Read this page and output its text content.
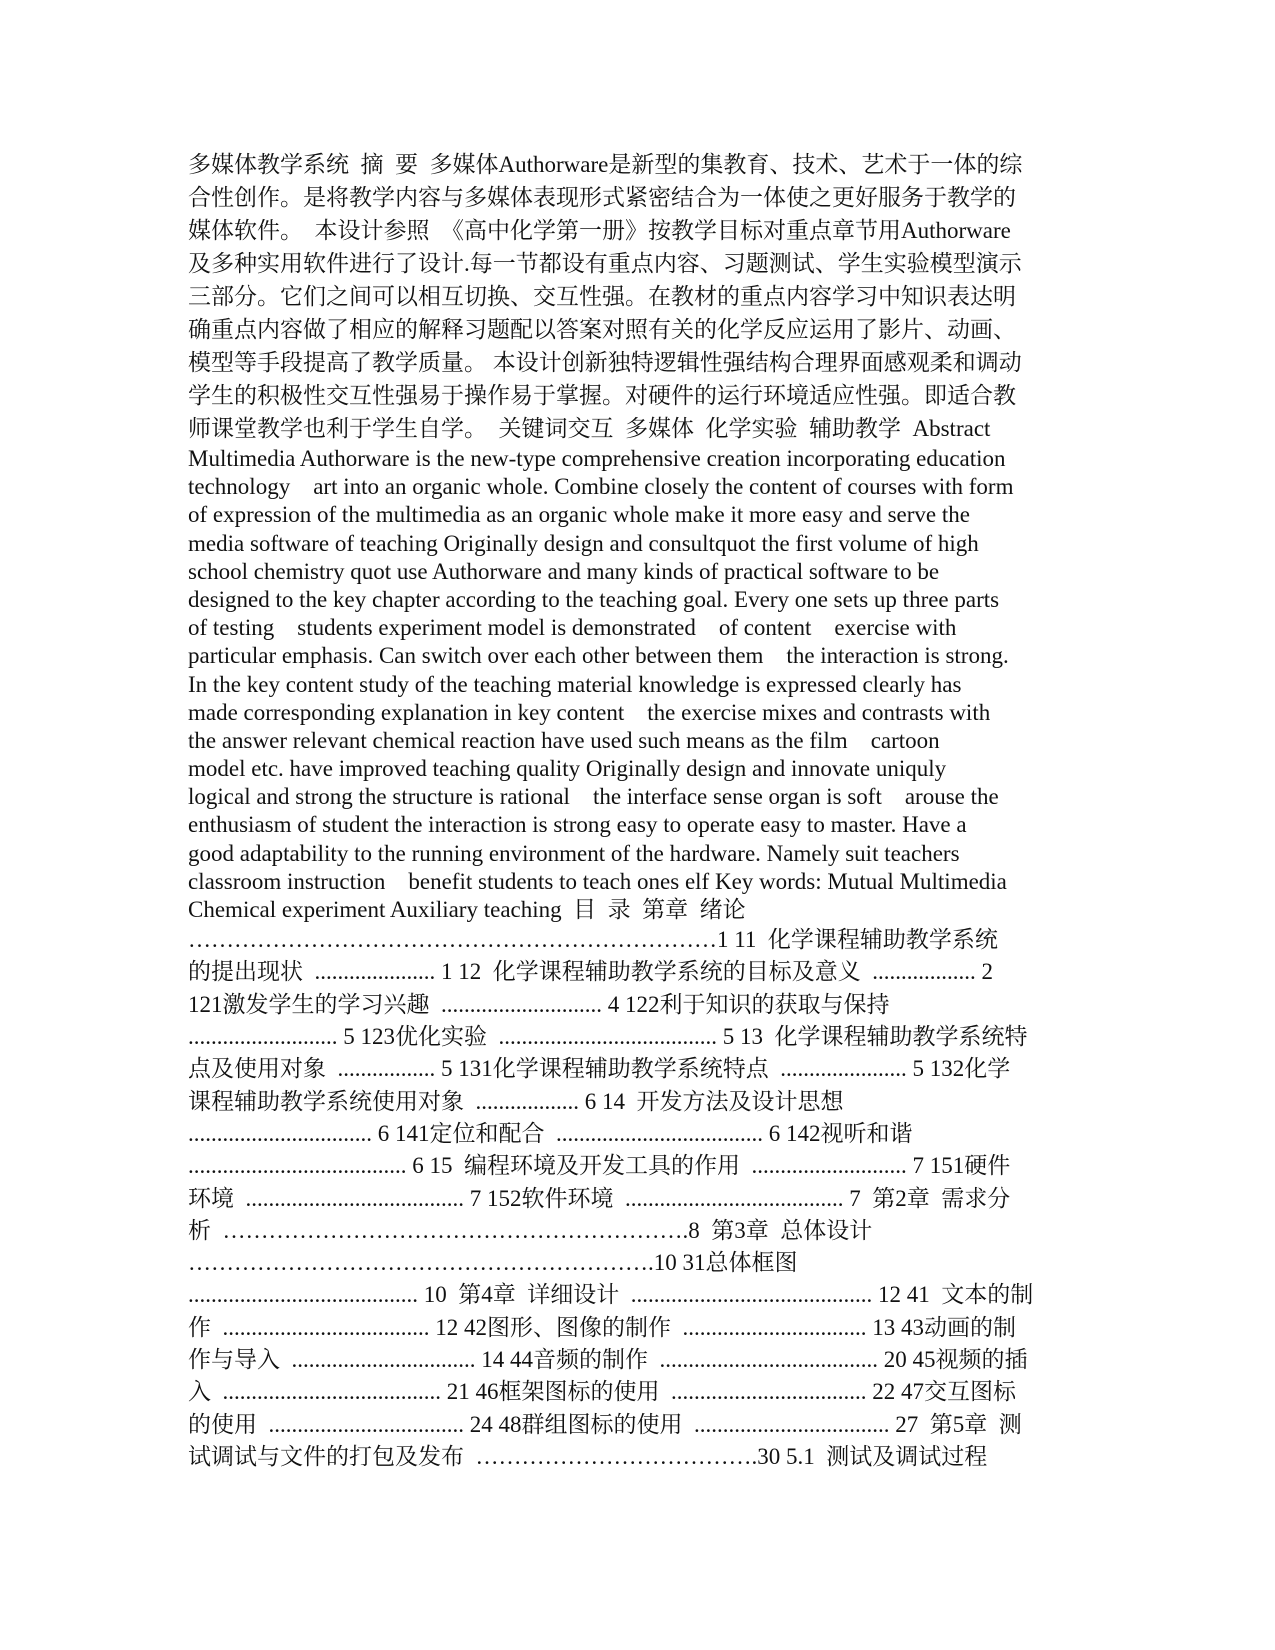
多媒体教学系统  摘  要  多媒体Authorware是新型的集教育、技术、艺术于一体的综
合性创作。是将教学内容与多媒体表现形式紧密结合为一体使之更好服务于教学的
媒体软件。  本设计参照  《高中化学第一册》按教学目标对重点章节用Authorware
及多种实用软件进行了设计.每一节都设有重点内容、习题测试、学生实验模型演示
三部分。它们之间可以相互切换、交互性强。在教材的重点内容学习中知识表达明
确重点内容做了相应的解释习题配以答案对照有关的化学反应运用了影片、动画、
模型等手段提高了教学质量。 本设计创新独特逻辑性强结构合理界面感观柔和调动
学生的积极性交互性强易于操作易于掌握。对硬件的运行环境适应性强。即适合教
师课堂教学也利于学生自学。  关键词交互  多媒体  化学实验  辅助教学  Abstract
Multimedia Authorware is the new-type comprehensive creation incorporating education
technology    art into an organic whole. Combine closely the content of courses with form
of expression of the multimedia as an organic whole make it more easy and serve the
media software of teaching Originally design and consultquot the first volume of high
school chemistry quot use Authorware and many kinds of practical software to be
designed to the key chapter according to the teaching goal. Every one sets up three parts
of testing    students experiment model is demonstrated    of content    exercise with
particular emphasis. Can switch over each other between them    the interaction is strong.
In the key content study of the teaching material knowledge is expressed clearly has
made corresponding explanation in key content    the exercise mixes and contrasts with
the answer relevant chemical reaction have used such means as the film    cartoon
model etc. have improved teaching quality Originally design and innovate uniquly
logical and strong the structure is rational    the interface sense organ is soft    arouse the
enthusiasm of student the interaction is strong easy to operate easy to master. Have a
good adaptability to the running environment of the hardware. Namely suit teachers
classroom instruction    benefit students to teach ones elf Key words: Mutual Multimedia
Chemical experiment Auxiliary teaching  目  录  第章  绪论
……………………………………………………………1 11  化学课程辅助教学系统
的提出现状  ..................... 1 12  化学课程辅助教学系统的目标及意义  .................. 2
121激发学生的学习兴趣  ............................ 4 122利于知识的获取与保持
.......................... 5 123优化实验  ...................................... 5 13  化学课程辅助教学系统特
点及使用对象  ................. 5 131化学课程辅助教学系统特点  ...................... 5 132化学
课程辅助教学系统使用对象  .................. 6 14  开发方法及设计思想
................................ 6 141定位和配合  .................................... 6 142视听和谐
...................................... 6 15  编程环境及开发工具的作用  ........................... 7 151硬件
环境  ...................................... 7 152软件环境  ...................................... 7  第2章  需求分
析  …………………………………………………….8  第3章  总体设计
…………………………………………………….10 31总体框图
........................................ 10  第4章  详细设计  .......................................... 12 41  文本的制
作  .................................... 12 42图形、图像的制作  ................................ 13 43动画的制
作与导入  ................................ 14 44音频的制作  ...................................... 20 45视频的插
入  ...................................... 21 46框架图标的使用  .................................. 22 47交互图标
的使用  .................................. 24 48群组图标的使用  .................................. 27  第5章  测
试调试与文件的打包及发布  ……………………………….30 5.1  测试及调试过程
